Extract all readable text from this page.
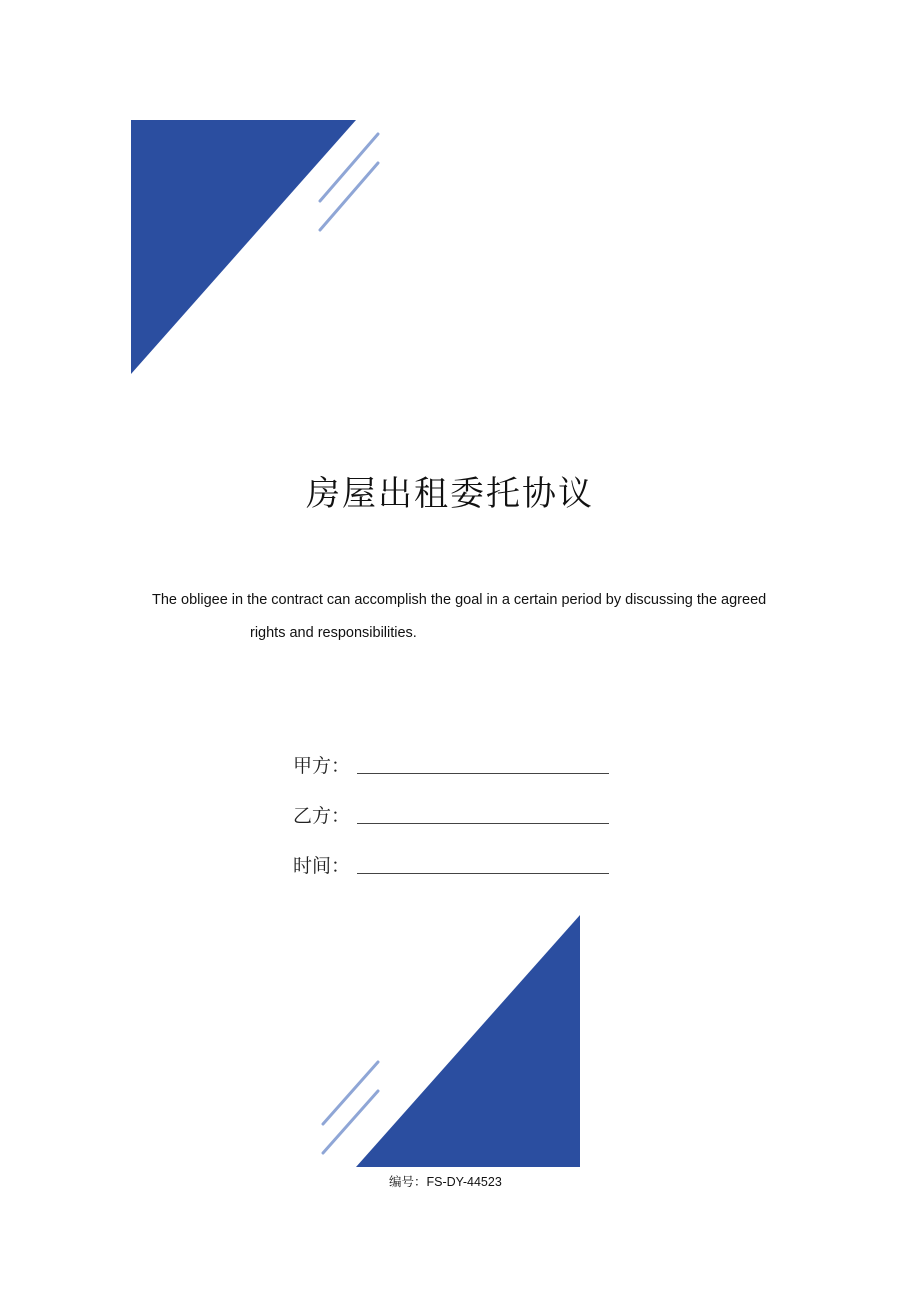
房屋出租委托协议
The obligee in the contract can accomplish the goal in a certain period by discussing the agreed
rights and responsibilities.
甲方：
乙方：
时间：
编号：FS-DY-44523
